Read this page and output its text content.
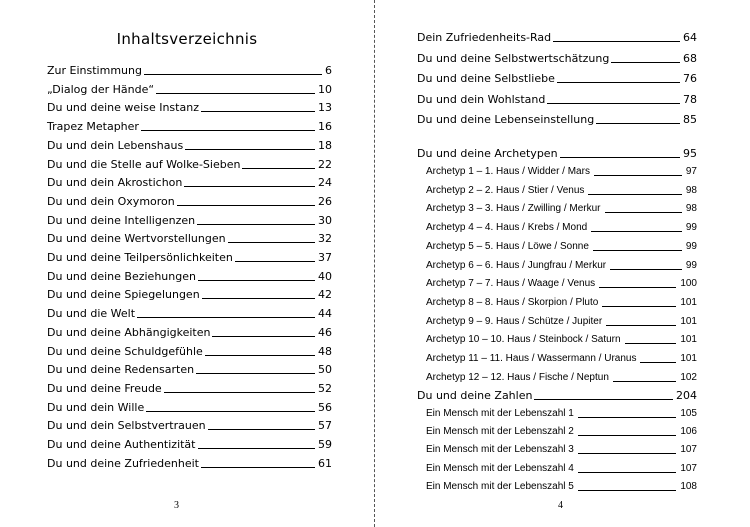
Inhaltsverzeichnis
Zur Einstimmung	6
„Dialog der Hände“	10
Du und deine weise Instanz	13
Trapez Metapher	16
Du und dein Lebenshaus	18
Du und die Stelle auf Wolke-Sieben	22
Du und dein Akrostichon	24
Du und dein Oxymoron	26
Du und deine Intelligenzen	30
Du und deine Wertvorstellungen	32
Du und deine Teilpersönlichkeiten	37
Du und deine Beziehungen	40
Du und deine Spiegelungen	42
Du und die Welt	44
Du und deine Abhängigkeiten	46
Du und deine Schuldgefühle	48
Du und deine Redensarten	50
Du und deine Freude	52
Du und dein Wille	56
Du und dein Selbstvertrauen	57
Du und deine Authentizität	59
Du und deine Zufriedenheit	61
3
Dein Zufriedenheits-Rad	64
Du und deine Selbstwertschätzung	68
Du und deine Selbstliebe	76
Du und dein Wohlstand	78
Du und deine Lebenseinstellung	85
Du und deine Archetypen	95
Archetyp 1 – 1. Haus / Widder / Mars	97
Archetyp 2 – 2. Haus / Stier / Venus	98
Archetyp 3 – 3. Haus / Zwilling / Merkur	98
Archetyp 4 – 4. Haus / Krebs / Mond	99
Archetyp 5 – 5. Haus / Löwe / Sonne	99
Archetyp 6 – 6. Haus / Jungfrau / Merkur	99
Archetyp 7 – 7. Haus / Waage / Venus	100
Archetyp 8 – 8. Haus / Skorpion / Pluto	101
Archetyp 9 – 9. Haus / Schütze / Jupiter	101
Archetyp 10 – 10. Haus / Steinbock / Saturn	101
Archetyp 11 – 11. Haus / Wassermann / Uranus	101
Archetyp 12 – 12. Haus / Fische / Neptun	102
Du und deine Zahlen	204
Ein Mensch mit der Lebenszahl 1	105
Ein Mensch mit der Lebenszahl 2	106
Ein Mensch mit der Lebenszahl 3	107
Ein Mensch mit der Lebenszahl 4	107
Ein Mensch mit der Lebenszahl 5	108
4
